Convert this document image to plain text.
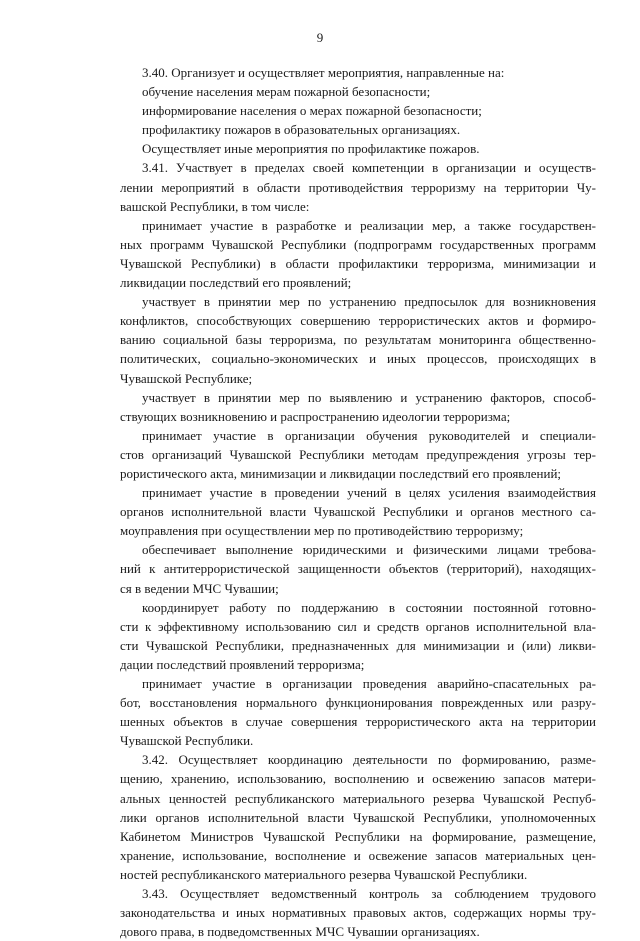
9
3.40. Организует и осуществляет мероприятия, направленные на:
обучение населения мерам пожарной безопасности;
информирование населения о мерах пожарной безопасности;
профилактику пожаров в образовательных организациях.
Осуществляет иные мероприятия по профилактике пожаров.
3.41. Участвует в пределах своей компетенции в организации и осуществ-
лении мероприятий в области противодействия терроризму на территории Чу-
вашской Республики, в том числе:
принимает участие в разработке и реализации мер, а также государствен-
ных программ Чувашской Республики (подпрограмм государственных программ
Чувашской Республики) в области профилактики терроризма, минимизации и
ликвидации последствий его проявлений;
участвует в принятии мер по устранению предпосылок для возникновения
конфликтов, способствующих совершению террористических актов и формиро-
ванию социальной базы терроризма, по результатам мониторинга общественно-
политических, социально-экономических и иных процессов, происходящих в
Чувашской Республике;
участвует в принятии мер по выявлению и устранению факторов, способ-
ствующих возникновению и распространению идеологии терроризма;
принимает участие в организации обучения руководителей и специали-
стов организаций Чувашской Республики методам предупреждения угрозы тер-
рористического акта, минимизации и ликвидации последствий его проявлений;
принимает участие в проведении учений в целях усиления взаимодействия
органов исполнительной власти Чувашской Республики и органов местного са-
моуправления при осуществлении мер по противодействию терроризму;
обеспечивает выполнение юридическими и физическими лицами требова-
ний к антитеррористической защищенности объектов (территорий), находящих-
ся в ведении МЧС Чувашии;
координирует работу по поддержанию в состоянии постоянной готовно-
сти к эффективному использованию сил и средств органов исполнительной вла-
сти Чувашской Республики, предназначенных для минимизации и (или) ликви-
дации последствий проявлений терроризма;
принимает участие в организации проведения аварийно-спасательных ра-
бот, восстановления нормального функционирования поврежденных или разру-
шенных объектов в случае совершения террористического акта на территории
Чувашской Республики.
3.42. Осуществляет координацию деятельности по формированию, разме-
щению, хранению, использованию, восполнению и освежению запасов матери-
альных ценностей республиканского материального резерва Чувашской Респуб-
лики органов исполнительной власти Чувашской Республики, уполномоченных
Кабинетом Министров Чувашской Республики на формирование, размещение,
хранение, использование, восполнение и освежение запасов материальных цен-
ностей республиканского материального резерва Чувашской Республики.
3.43. Осуществляет ведомственный контроль за соблюдением трудового
законодательства и иных нормативных правовых актов, содержащих нормы тру-
дового права, в подведомственных МЧС Чувашии организациях.
